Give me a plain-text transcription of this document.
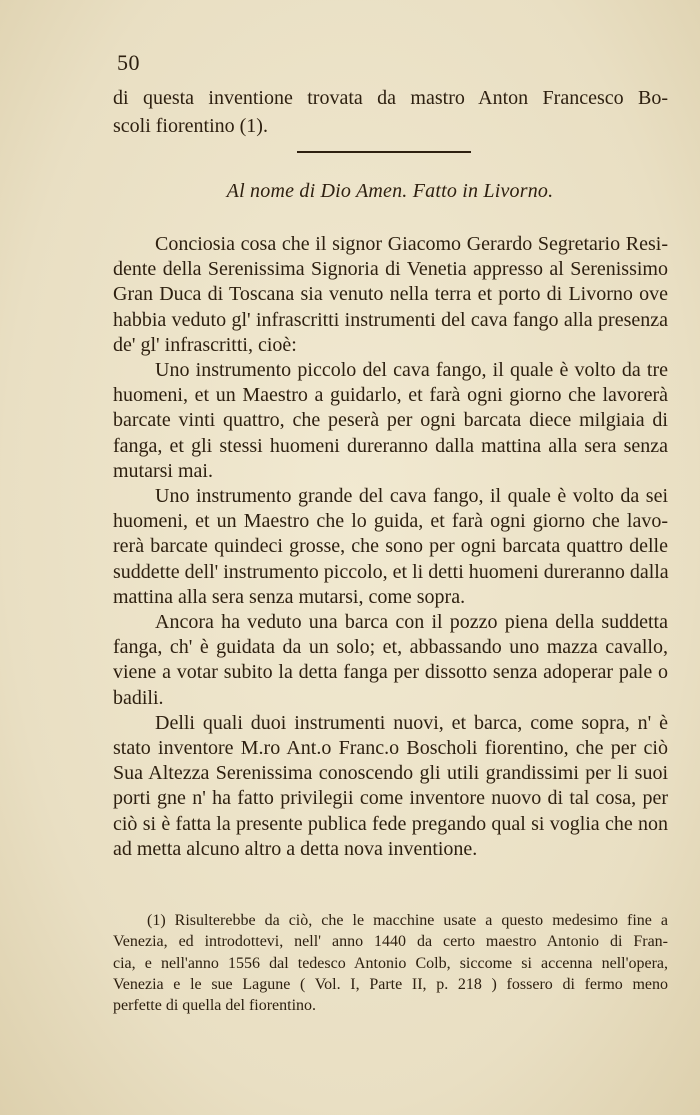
50
di questa inventione trovata da mastro Anton Francesco Bo-
scoli fiorentino (1).
Al nome di Dio Amen. Fatto in Livorno.
Conciosia cosa che il signor Giacomo Gerardo Segretario Resi-
dente della Serenissima Signoria di Venetia appresso al Serenissimo
Gran Duca di Toscana sia venuto nella terra et porto di Livorno ove
habbia veduto gl' infrascritti instrumenti del cava fango alla presenza
de' gl' infrascritti, cioè:
Uno instrumento piccolo del cava fango, il quale è volto da tre
huomeni, et un Maestro a guidarlo, et farà ogni giorno che lavorerà
barcate vinti quattro, che peserà per ogni barcata diece milgiaia di
fanga, et gli stessi huomeni dureranno dalla mattina alla sera senza
mutarsi mai.
Uno instrumento grande del cava fango, il quale è volto da sei
huomeni, et un Maestro che lo guida, et farà ogni giorno che lavo-
rerà barcate quindeci grosse, che sono per ogni barcata quattro delle
suddette dell' instrumento piccolo, et li detti huomeni dureranno dalla
mattina alla sera senza mutarsi, come sopra.
Ancora ha veduto una barca con il pozzo piena della suddetta
fanga, ch' è guidata da un solo; et, abbassando uno mazza cavallo,
viene a votar subito la detta fanga per dissotto senza adoperar pale o
badili.
Delli quali duoi instrumenti nuovi, et barca, come sopra, n' è
stato inventore M.ro Ant.o Franc.o Boscholi fiorentino, che per ciò
Sua Altezza Serenissima conoscendo gli utili grandissimi per li suoi
porti gne n' ha fatto privilegii come inventore nuovo di tal cosa, per
ciò si è fatta la presente publica fede pregando qual si voglia che non
ad metta alcuno altro a detta nova inventione.
(1) Risulterebbe da ciò, che le macchine usate a questo medesimo fine a
Venezia, ed introdottevi, nell' anno 1440 da certo maestro Antonio di Fran-
cia, e nell'anno 1556 dal tedesco Antonio Colb, siccome si accenna nell'opera,
Venezia e le sue Lagune ( Vol. I, Parte II, p. 218 ) fossero di fermo meno
perfette di quella del fiorentino.
